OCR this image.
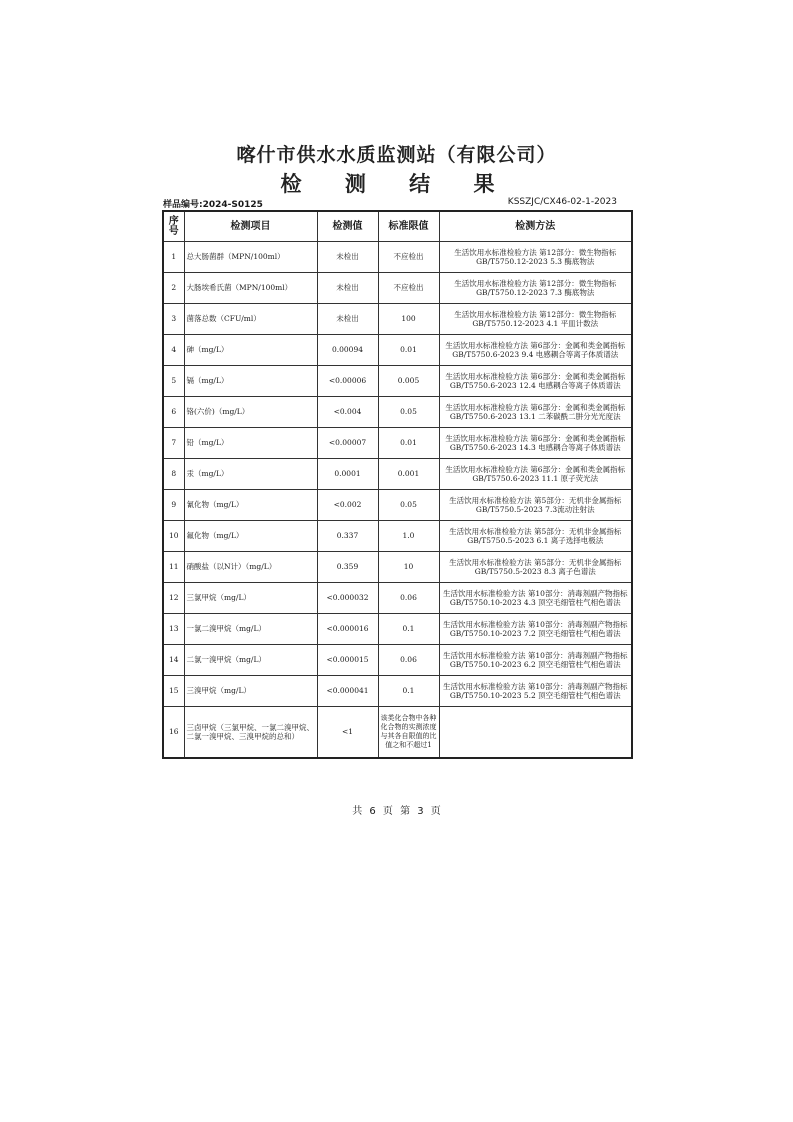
喀什市供水水质监测站（有限公司）
检 测 结 果
样品编号:2024-S0125	KSSZJC/CX46-02-1-2023
序号	检测项目	检测值	标准限值	检测方法
1	总大肠菌群（MPN/100ml）	未检出	不应检出	生活饮用水标准检验方法 第12部分：微生物指标 GB/T5750.12-2023 5.3 酶底物法
2	大肠埃希氏菌（MPN/100ml）	未检出	不应检出	生活饮用水标准检验方法 第12部分：微生物指标 GB/T5750.12-2023 7.3 酶底物法
3	菌落总数（CFU/ml）	未检出	100	生活饮用水标准检验方法 第12部分：微生物指标GB/T5750.12-2023 4.1 平皿计数法
4	砷（mg/L）	0.00094	0.01	生活饮用水标准检验方法 第6部分：金属和类金属指标 GB/T5750.6-2023 9.4 电感耦合等离子体质谱法
5	镉（mg/L）	<0.00006	0.005	生活饮用水标准检验方法 第6部分：金属和类金属指标 GB/T5750.6-2023 12.4 电感耦合等离子体质谱法
6	铬(六价)（mg/L）	<0.004	0.05	生活饮用水标准检验方法 第6部分：金属和类金属指标 GB/T5750.6-2023 13.1 二苯碳酰二肼分光光度法
7	铅（mg/L）	<0.00007	0.01	生活饮用水标准检验方法 第6部分：金属和类金属指标 GB/T5750.6-2023 14.3 电感耦合等离子体质谱法
8	汞（mg/L）	0.0001	0.001	生活饮用水标准检验方法 第6部分：金属和类金属指标 GB/T5750.6-2023 11.1 原子荧光法
9	氰化物（mg/L）	<0.002	0.05	生活饮用水标准检验方法 第5部分：无机非金属指标 GB/T5750.5-2023 7.3流动注射法
10	氟化物（mg/L）	0.337	1.0	生活饮用水标准检验方法 第5部分：无机非金属指标 GB/T5750.5-2023 6.1 离子选择电极法
11	硝酸盐（以N计）（mg/L）	0.359	10	生活饮用水标准检验方法 第5部分：无机非金属指标 GB/T5750.5-2023 8.3 离子色谱法
12	三氯甲烷（mg/L）	<0.000032	0.06	生活饮用水标准检验方法 第10部分：消毒剂副产物指标 GB/T5750.10-2023 4.3 顶空毛细管柱气相色谱法
13	一氯二溴甲烷（mg/L）	<0.000016	0.1	生活饮用水标准检验方法 第10部分：消毒剂副产物指标 GB/T5750.10-2023 7.2 顶空毛细管柱气相色谱法
14	二氯一溴甲烷（mg/L）	<0.000015	0.06	生活饮用水标准检验方法 第10部分：消毒剂副产物指标 GB/T5750.10-2023 6.2 顶空毛细管柱气相色谱法
15	三溴甲烷（mg/L）	<0.000041	0.1	生活饮用水标准检验方法 第10部分：消毒剂副产物指标 GB/T5750.10-2023 5.2 顶空毛细管柱气相色谱法
16	三卤甲烷（三氯甲烷、一氯二溴甲烷、二氯一溴甲烷、三溴甲烷的总和）	<1	该类化合物中各种化合物的实测浓度与其各自限值的比值之和不超过1	
共 6 页 第 3 页
